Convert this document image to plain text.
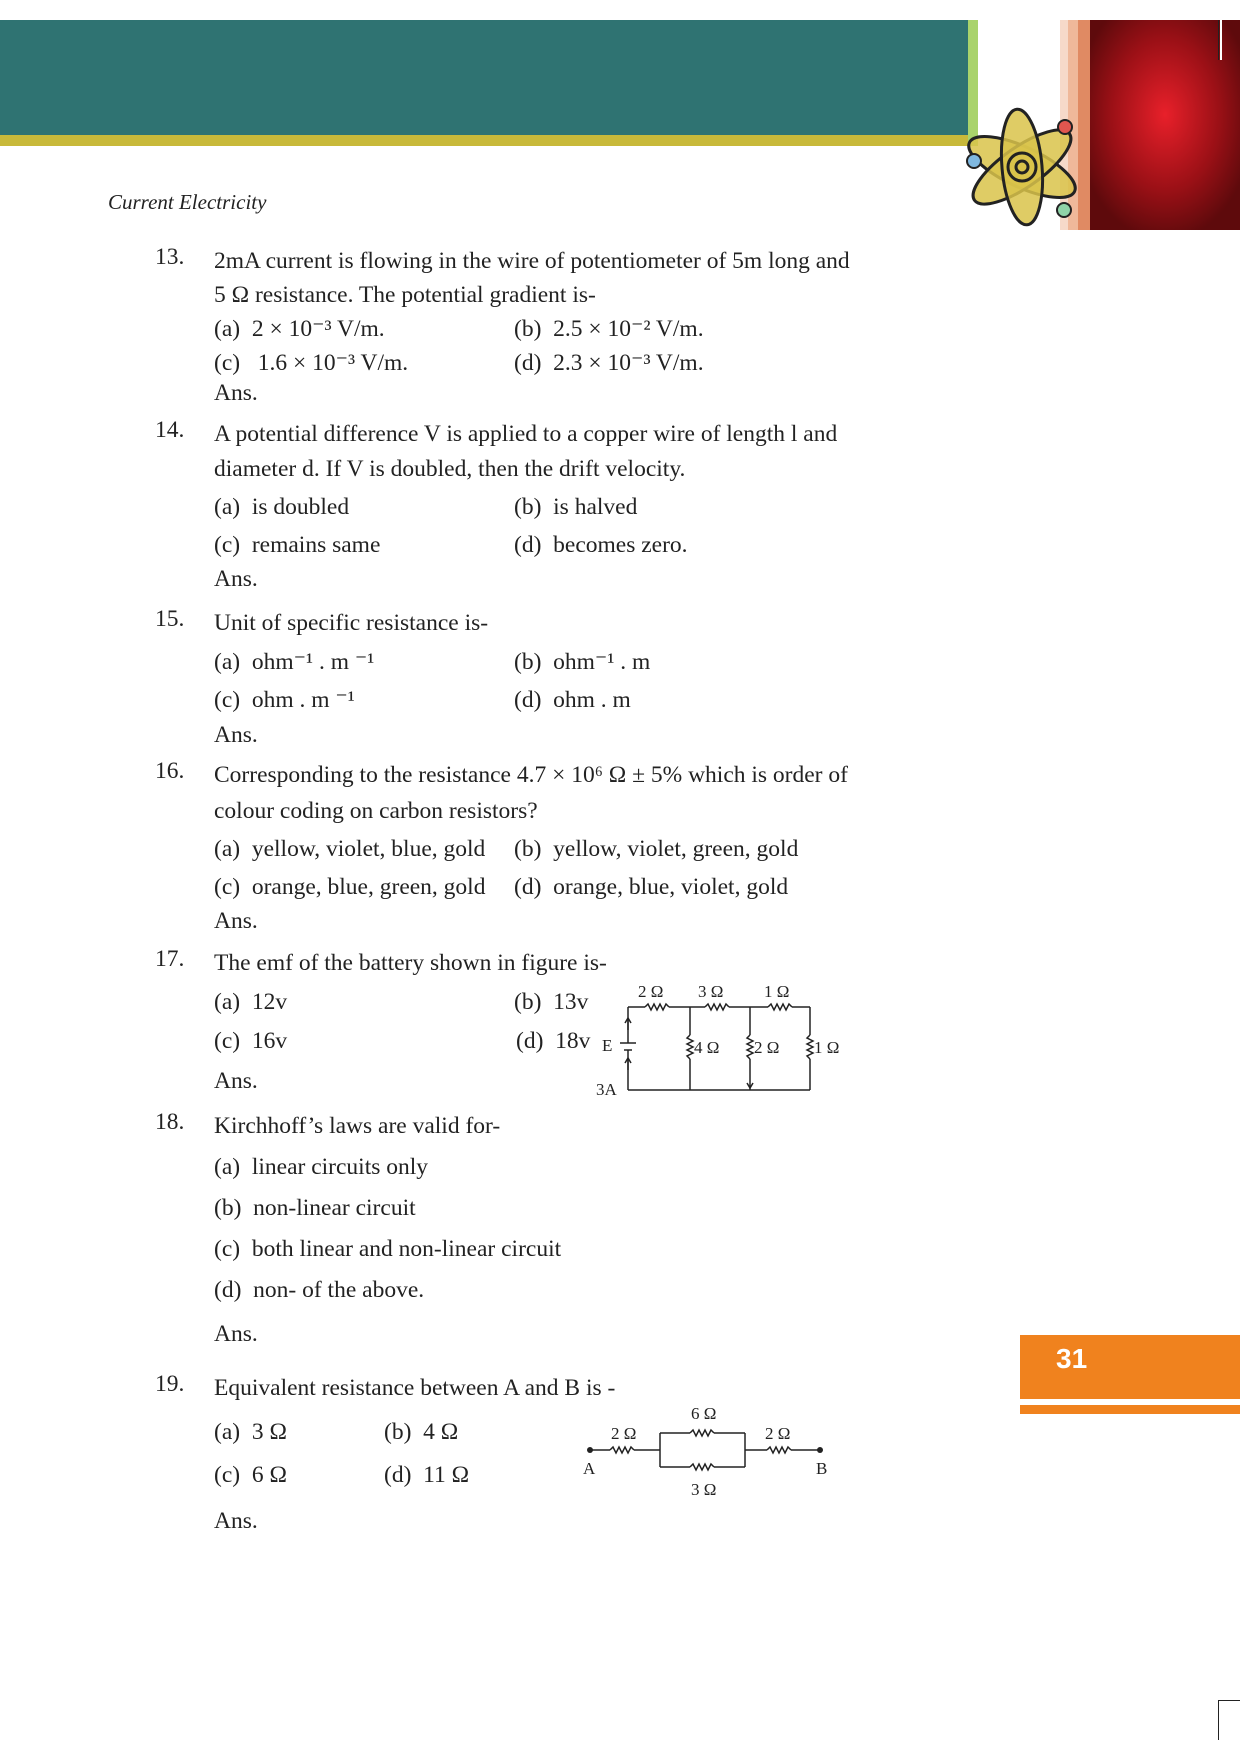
Current Electricity
13. 2mA current is flowing in the wire of potentiometer of 5m long and
5 Ω resistance. The potential gradient is-
(a)  2 × 10⁻³ V/m.	(b)  2.5 × 10⁻² V/m.
(c)   1.6 × 10⁻³ V/m.	(d)  2.3 × 10⁻³ V/m.
Ans.
14. A potential difference V is applied to a copper wire of length l and
diameter d. If V is doubled, then the drift velocity.
(a)  is doubled	(b)  is halved
(c)  remains same	(d)  becomes zero.
Ans.
15. Unit of specific resistance is-
(a)  ohm⁻¹ . m ⁻¹	(b)  ohm⁻¹ . m
(c)  ohm . m ⁻¹	(d)  ohm . m
Ans.
16. Corresponding to the resistance 4.7 × 10⁶ Ω ± 5% which is order of
colour coding on carbon resistors?
(a)  yellow, violet, blue, gold (b)  yellow, violet, green, gold
(c)  orange, blue, green, gold (d)  orange, blue, violet, gold
Ans.
17. The emf of the battery shown in figure is-
(a)  12v	(b)  13v
(c)  16v	(d)  18v
Ans.
2 Ω 3 Ω 1 Ω
4 Ω 2 Ω 1 Ω
E
3A
18. Kirchhoff’s laws are valid for-
(a)  linear circuits only
(b)  non-linear circuit
(c)  both linear and non-linear circuit
(d)  non- of the above.
Ans.
19. Equivalent resistance between A and B is -
(a)  3 Ω	(b)  4 Ω
(c)  6 Ω	(d)  11 Ω
Ans.
2 Ω
6 Ω
3 Ω
2 Ω
A	B
31
